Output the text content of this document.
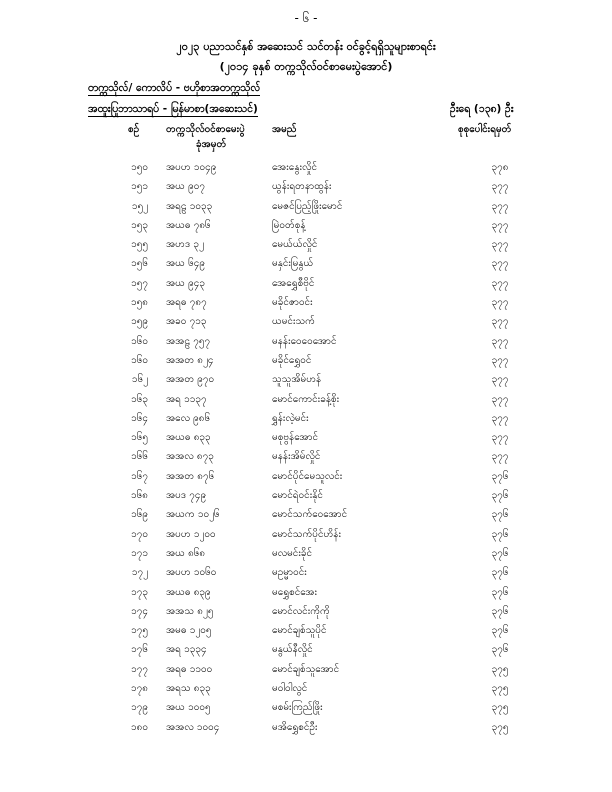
- ၆ -
၂၀၂၃ ပညာသင်နှစ် အဆေးသင် သင်တန်း ဝင်ခွင့်ရရှိသူများစာရင်း
(၂၀၁၄ ခုနှစ် တက္ကသိုလ်ဝင်စာမေးပွဲအောင်)
တက္ကသိုလ်/ ကောလိပ် - ဗဟိုစာအတက္ကသိုလ်
အထူးပြုဘာသာရပ် - မြန်မာစာ(အဆေးသင်)	ဦးရေ (၁၃၈) ဦး
စဉ်	တက္ကသိုလ်ဝင်စာမေးပွဲ
ခုံအမှတ်
အမည်	စုစုပေါင်းရမှတ်
၁၅၀ အပဟ ၁၀၄၉	အေးနွေးလှိုင်	၃၇၈
၁၅၁ အယ ၉၀၇	ယွန်းရတနာထွန်း	၃၇၇
၁၅၂ အရဠ ၁၀၃၃	မေဇင်ပြည့်ဖြိုးမောင်	၃၇၇
၁၅၃ အယဓ ၇၈၆	မြဲဝတ်စုန့်	၃၇၇
၁၅၅ အဟဒ ၃၂	မေယ်ယ်လှိုင်	၃၇၇
၁၅၆ အယ ၆၄၉	မနှင်းမြနွယ်	၃၇၇
၁၅၇ အယ ၉၄၃	အေရွှေစီဗိုင်	၃၇၇
၁၅၈ အရဓ ၇၈၇	မခိုင်ဇာဝင်း	၃၇၇
၁၅၉ အခဝ ၇၁၃	ယမင်းသက်	၃၇၇
၁၆၀ အအဠ ၇၅၇	မနန်းဝေဝေအောင်	၃၇၇
၁၆၀ အအတ ၈၂၄	မခိုင်ရွှေဝင်	၃၇၇
၁၆၂ အအတ ၉၇၀	သူသူအိမ်ဟန်	၃၇၇
၁၆၃ အရ ၁၁၃၇	မောင်ကောင်းခန့်စိုး	၃၇၇
၁၆၄ အလေ ၉၈၆	ရွှန်းလဲ့မင်း	၃၇၇
၁၆၅ အယဓ ၈၃၃	မစုဗွန်အောင်	၃၇၇
၁၆၆ အအလ ၈၇၃	မနန်းအိမ်လှိုင်	၃၇၇
၁၆၇ အအတ ၈၇၆	မောင်ပိုင်မေသူလင်း	၃၇၆
၁၆၈ အပဒ ၇၄၉	မောင်ရဲဝင်းနိုင်	၃၇၆
၁၆၉ အယက ၁၀၂၆	မောင်သက်ဝေအောင်	၃၇၆
၁၇၀ အပဟ ၁၂၀၀	မောင်သက်ပိုင်ဟိန်း	၃၇၆
၁၇၁ အယ ၈၆၈	မလမင်းခိုင်	၃၇၆
၁၇၂ အပဟ ၁၀၆၀	မဥမ္မာဝင်း	၃၇၆
၁၇၃ အယဓ ၈၃၉	မရွှေစင်အေး	၃၇၆
၁၇၄ အအသ ၈၂၅	မောင်လင်းကိုကို	၃၇၆
၁၇၅ အမဓ ၁၂၀၅	မောင်ချစ်သူပိုင်	၃၇၆
၁၇၆ အရ ၁၃၃၄	မနွယ်နီလှိုင်	၃၇၆
၁၇၇ အရဓ ၁၁၀၀	မောင်ချစ်သူအောင်	၃၇၅
၁၇၈ အရသ ၈၃၃	မဝါဝါလွင်	၃၇၅
၁၇၉ အယ ၁၀၀၅	မစမ်းကြည်ဖြိုး	၃၇၅
၁၈၀ အအလ ၁၀၀၄	မအိရွှေစင်ဦး	၃၇၅
